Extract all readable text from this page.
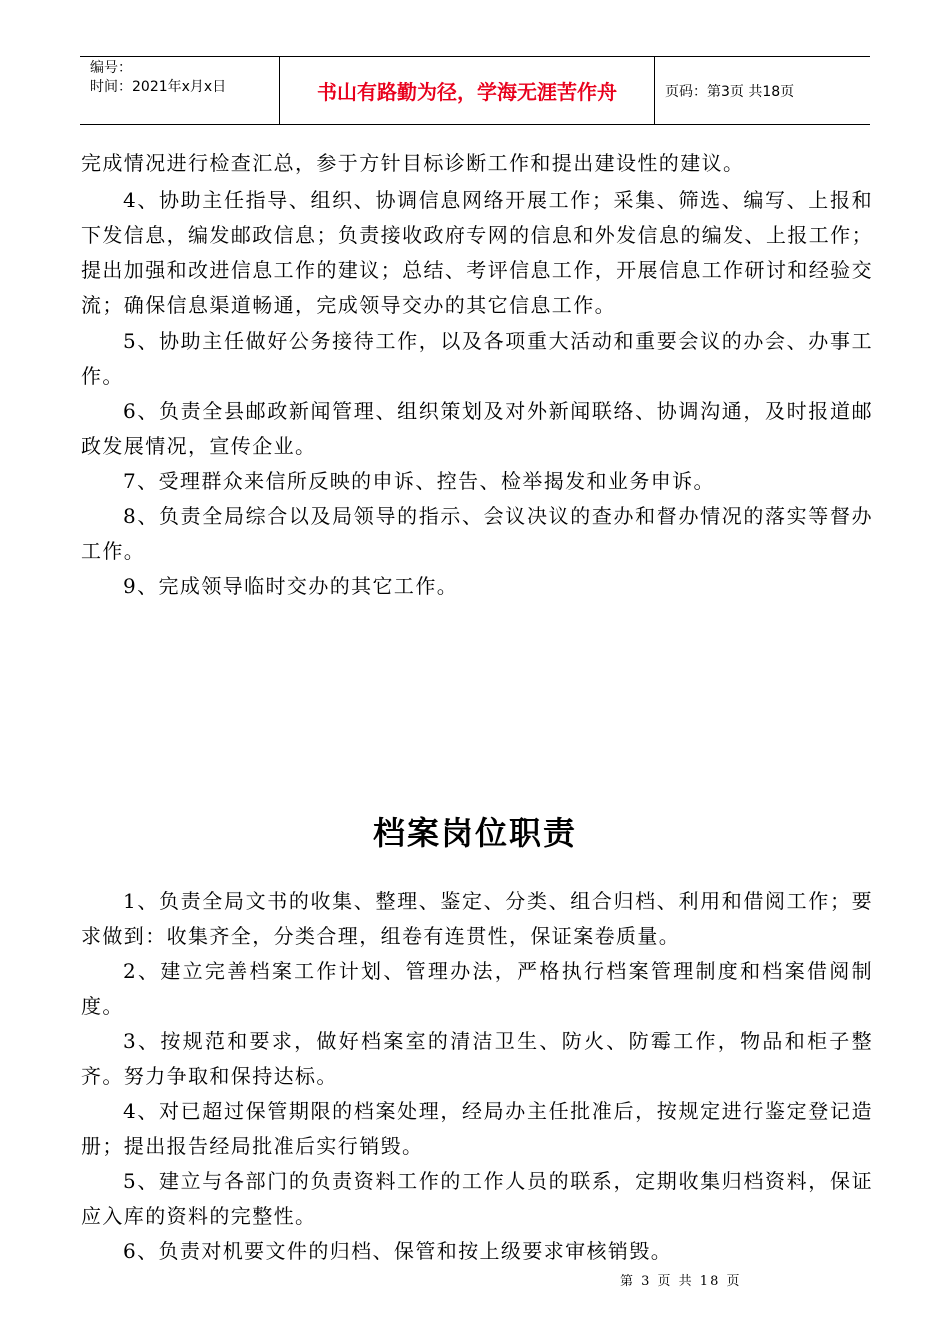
编号：
时间：2021年x月x日	书山有路勤为径，学海无涯苦作舟	页码：第3页 共18页

完成情况进行检查汇总，参于方针目标诊断工作和提出建设性的建议。

4、协助主任指导、组织、协调信息网络开展工作；采集、筛选、编写、上报和下发信息，编发邮政信息；负责接收政府专网的信息和外发信息的编发、上报工作；提出加强和改进信息工作的建议；总结、考评信息工作，开展信息工作研讨和经验交流；确保信息渠道畅通，完成领导交办的其它信息工作。

5、协助主任做好公务接待工作，以及各项重大活动和重要会议的办会、办事工作。

6、负责全县邮政新闻管理、组织策划及对外新闻联络、协调沟通，及时报道邮政发展情况，宣传企业。

7、受理群众来信所反映的申诉、控告、检举揭发和业务申诉。

8、负责全局综合以及局领导的指示、会议决议的查办和督办情况的落实等督办工作。

9、完成领导临时交办的其它工作。

档案岗位职责

1、负责全局文书的收集、整理、鉴定、分类、组合归档、利用和借阅工作；要求做到：收集齐全，分类合理，组卷有连贯性，保证案卷质量。

2、建立完善档案工作计划、管理办法，严格执行档案管理制度和档案借阅制度。

3、按规范和要求，做好档案室的清洁卫生、防火、防霉工作，物品和柜子整齐。努力争取和保持达标。

4、对已超过保管期限的档案处理，经局办主任批准后，按规定进行鉴定登记造册；提出报告经局批准后实行销毁。

5、建立与各部门的负责资料工作的工作人员的联系，定期收集归档资料，保证应入库的资料的完整性。

6、负责对机要文件的归档、保管和按上级要求审核销毁。

第 3 页 共 18 页
